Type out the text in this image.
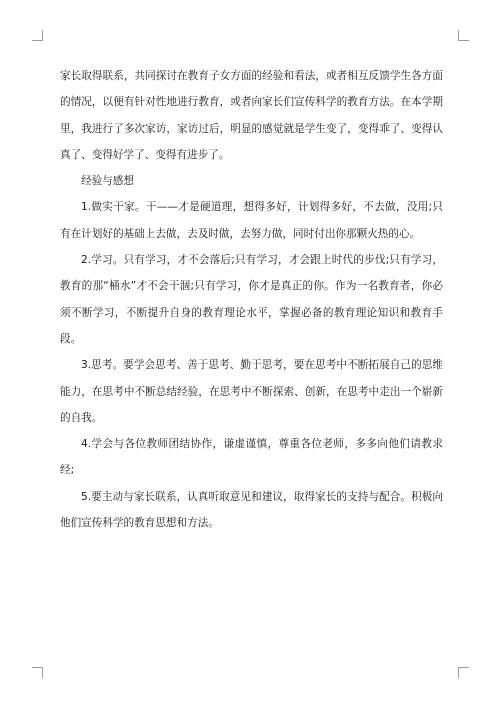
家长取得联系，共同探讨在教育子女方面的经验和看法，或者相互反馈学生各方面的情况，以便有针对性地进行教育，或者向家长们宣传科学的教育方法。在本学期里，我进行了多次家访，家访过后，明显的感觉就是学生变了，变得乖了、变得认真了、变得好学了、变得有进步了。

经验与感想

1.做实干家。干——才是硬道理，想得多好，计划得多好，不去做，没用;只有在计划好的基础上去做，去及时做，去努力做，同时付出你那颗火热的心。

2.学习。只有学习，才不会落后;只有学习，才会跟上时代的步伐;只有学习，教育的那“桶水”才不会干涸;只有学习，你才是真正的你。作为一名教育者，你必须不断学习，不断提升自身的教育理论水平，掌握必备的教育理论知识和教育手段。

3.思考。要学会思考、善于思考、勤于思考，要在思考中不断拓展自己的思维能力，在思考中不断总结经验，在思考中不断探索、创新，在思考中走出一个崭新的自我。

4.学会与各位教师团结协作，谦虚谨慎，尊重各位老师，多多向他们请教求经;

5.要主动与家长联系，认真听取意见和建议，取得家长的支持与配合。积极向他们宣传科学的教育思想和方法。
